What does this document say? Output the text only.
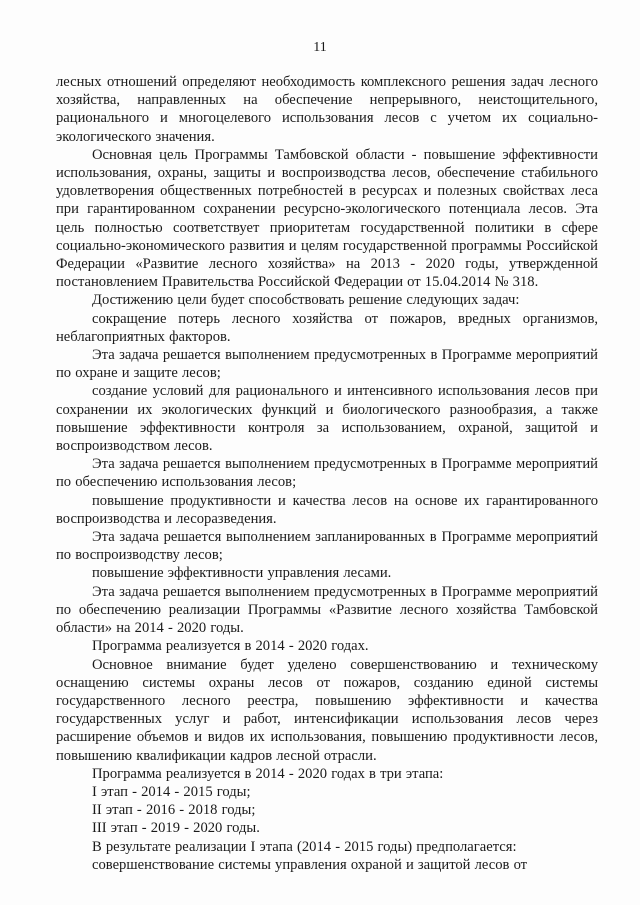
11

лесных отношений определяют необходимость комплексного решения задач лесного хозяйства, направленных на обеспечение непрерывного, неистощительного, рационального и многоцелевого использования лесов с учетом их социально-экологического значения.

Основная цель Программы Тамбовской области - повышение эффективности использования, охраны, защиты и воспроизводства лесов, обеспечение стабильного удовлетворения общественных потребностей в ресурсах и полезных свойствах леса при гарантированном сохранении ресурсно-экологического потенциала лесов. Эта цель полностью соответствует приоритетам государственной политики в сфере социально-экономического развития и целям государственной программы Российской Федерации «Развитие лесного хозяйства» на 2013 - 2020 годы, утвержденной постановлением Правительства Российской Федерации от 15.04.2014 № 318.

Достижению цели будет способствовать решение следующих задач:

сокращение потерь лесного хозяйства от пожаров, вредных организмов, неблагоприятных факторов.

Эта задача решается выполнением предусмотренных в Программе мероприятий по охране и защите лесов;

создание условий для рационального и интенсивного использования лесов при сохранении их экологических функций и биологического разнообразия, а также повышение эффективности контроля за использованием, охраной, защитой и воспроизводством лесов.

Эта задача решается выполнением предусмотренных в Программе мероприятий по обеспечению использования лесов;

повышение продуктивности и качества лесов на основе их гарантированного воспроизводства и лесоразведения.

Эта задача решается выполнением запланированных в Программе мероприятий по воспроизводству лесов;

повышение эффективности управления лесами.

Эта задача решается выполнением предусмотренных в Программе мероприятий по обеспечению реализации Программы «Развитие лесного хозяйства Тамбовской области» на 2014 - 2020 годы.

Программа реализуется в 2014 - 2020 годах.

Основное внимание будет уделено совершенствованию и техническому оснащению системы охраны лесов от пожаров, созданию единой системы государственного лесного реестра, повышению эффективности и качества государственных услуг и работ, интенсификации использования лесов через расширение объемов и видов их использования, повышению продуктивности лесов, повышению квалификации кадров лесной отрасли.

Программа реализуется в 2014 - 2020 годах в три этапа:

I этап - 2014 - 2015 годы;

II этап - 2016 - 2018 годы;

III этап - 2019 - 2020 годы.

В результате реализации I этапа (2014 - 2015 годы) предполагается:

совершенствование системы управления охраной и защитой лесов от
